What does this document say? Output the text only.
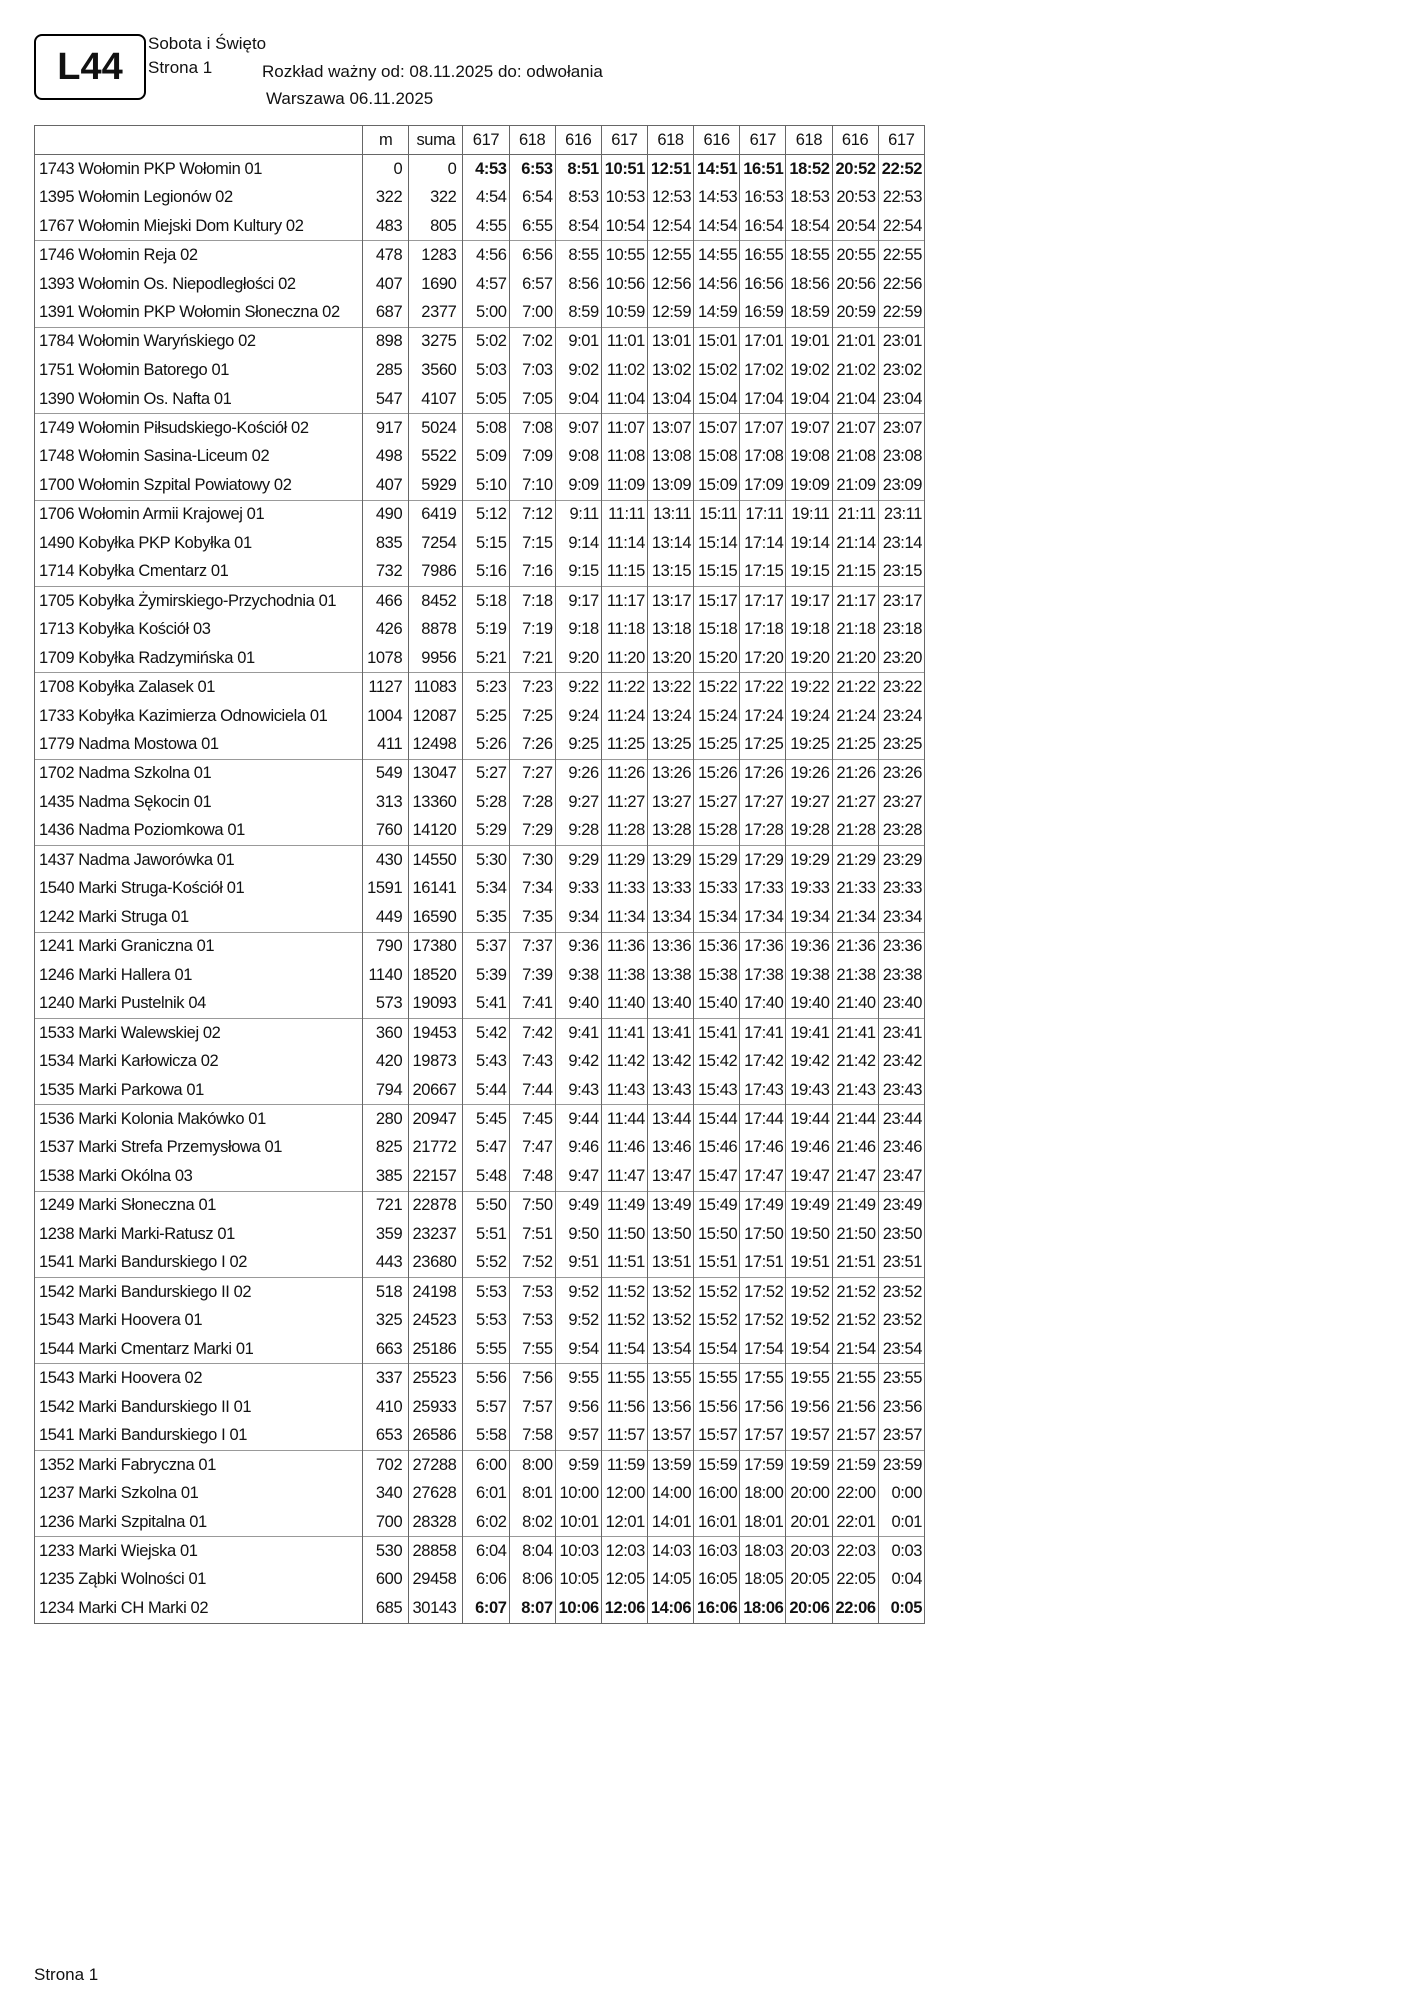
L44
Sobota i Święto
Strona 1	Rozkład ważny od: 08.11.2025 do: odwołania
Warszawa 06.11.2025
	m	suma	617	618	616	617	618	616	617	618	616	617
1743 Wołomin PKP Wołomin 01	0	0	4:53	6:53	8:51	10:51	12:51	14:51	16:51	18:52	20:52	22:52
1395 Wołomin Legionów 02	322	322	4:54	6:54	8:53	10:53	12:53	14:53	16:53	18:53	20:53	22:53
1767 Wołomin Miejski Dom Kultury 02	483	805	4:55	6:55	8:54	10:54	12:54	14:54	16:54	18:54	20:54	22:54
1746 Wołomin Reja 02	478	1283	4:56	6:56	8:55	10:55	12:55	14:55	16:55	18:55	20:55	22:55
1393 Wołomin Os. Niepodległości 02	407	1690	4:57	6:57	8:56	10:56	12:56	14:56	16:56	18:56	20:56	22:56
1391 Wołomin PKP Wołomin Słoneczna 02	687	2377	5:00	7:00	8:59	10:59	12:59	14:59	16:59	18:59	20:59	22:59
1784 Wołomin Waryńskiego 02	898	3275	5:02	7:02	9:01	11:01	13:01	15:01	17:01	19:01	21:01	23:01
1751 Wołomin Batorego 01	285	3560	5:03	7:03	9:02	11:02	13:02	15:02	17:02	19:02	21:02	23:02
1390 Wołomin Os. Nafta 01	547	4107	5:05	7:05	9:04	11:04	13:04	15:04	17:04	19:04	21:04	23:04
1749 Wołomin Piłsudskiego-Kościół 02	917	5024	5:08	7:08	9:07	11:07	13:07	15:07	17:07	19:07	21:07	23:07
1748 Wołomin Sasina-Liceum 02	498	5522	5:09	7:09	9:08	11:08	13:08	15:08	17:08	19:08	21:08	23:08
1700 Wołomin Szpital Powiatowy 02	407	5929	5:10	7:10	9:09	11:09	13:09	15:09	17:09	19:09	21:09	23:09
1706 Wołomin Armii Krajowej 01	490	6419	5:12	7:12	9:11	11:11	13:11	15:11	17:11	19:11	21:11	23:11
1490 Kobyłka PKP Kobyłka 01	835	7254	5:15	7:15	9:14	11:14	13:14	15:14	17:14	19:14	21:14	23:14
1714 Kobyłka Cmentarz 01	732	7986	5:16	7:16	9:15	11:15	13:15	15:15	17:15	19:15	21:15	23:15
1705 Kobyłka Żymirskiego-Przychodnia 01	466	8452	5:18	7:18	9:17	11:17	13:17	15:17	17:17	19:17	21:17	23:17
1713 Kobyłka Kościół 03	426	8878	5:19	7:19	9:18	11:18	13:18	15:18	17:18	19:18	21:18	23:18
1709 Kobyłka Radzymińska 01	1078	9956	5:21	7:21	9:20	11:20	13:20	15:20	17:20	19:20	21:20	23:20
1708 Kobyłka Zalasek 01	1127	11083	5:23	7:23	9:22	11:22	13:22	15:22	17:22	19:22	21:22	23:22
1733 Kobyłka Kazimierza Odnowiciela 01	1004	12087	5:25	7:25	9:24	11:24	13:24	15:24	17:24	19:24	21:24	23:24
1779 Nadma Mostowa 01	411	12498	5:26	7:26	9:25	11:25	13:25	15:25	17:25	19:25	21:25	23:25
1702 Nadma Szkolna 01	549	13047	5:27	7:27	9:26	11:26	13:26	15:26	17:26	19:26	21:26	23:26
1435 Nadma Sękocin 01	313	13360	5:28	7:28	9:27	11:27	13:27	15:27	17:27	19:27	21:27	23:27
1436 Nadma Poziomkowa 01	760	14120	5:29	7:29	9:28	11:28	13:28	15:28	17:28	19:28	21:28	23:28
1437 Nadma Jaworówka 01	430	14550	5:30	7:30	9:29	11:29	13:29	15:29	17:29	19:29	21:29	23:29
1540 Marki Struga-Kościół 01	1591	16141	5:34	7:34	9:33	11:33	13:33	15:33	17:33	19:33	21:33	23:33
1242 Marki Struga 01	449	16590	5:35	7:35	9:34	11:34	13:34	15:34	17:34	19:34	21:34	23:34
1241 Marki Graniczna 01	790	17380	5:37	7:37	9:36	11:36	13:36	15:36	17:36	19:36	21:36	23:36
1246 Marki Hallera 01	1140	18520	5:39	7:39	9:38	11:38	13:38	15:38	17:38	19:38	21:38	23:38
1240 Marki Pustelnik 04	573	19093	5:41	7:41	9:40	11:40	13:40	15:40	17:40	19:40	21:40	23:40
1533 Marki Walewskiej 02	360	19453	5:42	7:42	9:41	11:41	13:41	15:41	17:41	19:41	21:41	23:41
1534 Marki Karłowicza 02	420	19873	5:43	7:43	9:42	11:42	13:42	15:42	17:42	19:42	21:42	23:42
1535 Marki Parkowa 01	794	20667	5:44	7:44	9:43	11:43	13:43	15:43	17:43	19:43	21:43	23:43
1536 Marki Kolonia Makówko 01	280	20947	5:45	7:45	9:44	11:44	13:44	15:44	17:44	19:44	21:44	23:44
1537 Marki Strefa Przemysłowa 01	825	21772	5:47	7:47	9:46	11:46	13:46	15:46	17:46	19:46	21:46	23:46
1538 Marki Okólna 03	385	22157	5:48	7:48	9:47	11:47	13:47	15:47	17:47	19:47	21:47	23:47
1249 Marki Słoneczna 01	721	22878	5:50	7:50	9:49	11:49	13:49	15:49	17:49	19:49	21:49	23:49
1238 Marki Marki-Ratusz 01	359	23237	5:51	7:51	9:50	11:50	13:50	15:50	17:50	19:50	21:50	23:50
1541 Marki Bandurskiego I 02	443	23680	5:52	7:52	9:51	11:51	13:51	15:51	17:51	19:51	21:51	23:51
1542 Marki Bandurskiego II 02	518	24198	5:53	7:53	9:52	11:52	13:52	15:52	17:52	19:52	21:52	23:52
1543 Marki Hoovera 01	325	24523	5:53	7:53	9:52	11:52	13:52	15:52	17:52	19:52	21:52	23:52
1544 Marki Cmentarz Marki 01	663	25186	5:55	7:55	9:54	11:54	13:54	15:54	17:54	19:54	21:54	23:54
1543 Marki Hoovera 02	337	25523	5:56	7:56	9:55	11:55	13:55	15:55	17:55	19:55	21:55	23:55
1542 Marki Bandurskiego II 01	410	25933	5:57	7:57	9:56	11:56	13:56	15:56	17:56	19:56	21:56	23:56
1541 Marki Bandurskiego I 01	653	26586	5:58	7:58	9:57	11:57	13:57	15:57	17:57	19:57	21:57	23:57
1352 Marki Fabryczna 01	702	27288	6:00	8:00	9:59	11:59	13:59	15:59	17:59	19:59	21:59	23:59
1237 Marki Szkolna 01	340	27628	6:01	8:01	10:00	12:00	14:00	16:00	18:00	20:00	22:00	0:00
1236 Marki Szpitalna 01	700	28328	6:02	8:02	10:01	12:01	14:01	16:01	18:01	20:01	22:01	0:01
1233 Marki Wiejska 01	530	28858	6:04	8:04	10:03	12:03	14:03	16:03	18:03	20:03	22:03	0:03
1235 Ząbki Wolności 01	600	29458	6:06	8:06	10:05	12:05	14:05	16:05	18:05	20:05	22:05	0:04
1234 Marki CH Marki 02	685	30143	6:07	8:07	10:06	12:06	14:06	16:06	18:06	20:06	22:06	0:05
Strona 1
